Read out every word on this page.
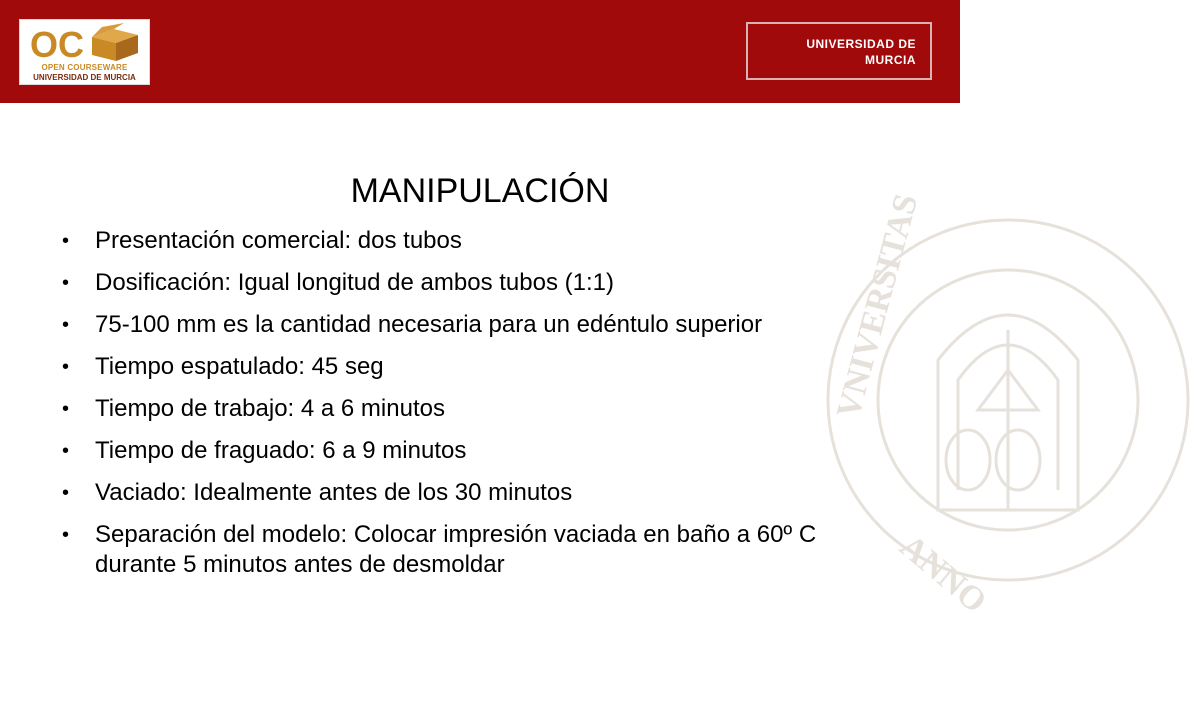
OC
OPEN COURSEWARE
UNIVERSIDAD DE MURCIA
UNIVERSIDAD DE
MURCIA
VNIVERSITAS
ANNO
MANIPULACIÓN
• Presentación comercial: dos tubos
• Dosificación: Igual longitud de ambos tubos (1:1)
• 75-100 mm es la cantidad necesaria para un edéntulo superior
• Tiempo espatulado: 45 seg
• Tiempo de trabajo: 4 a 6 minutos
• Tiempo de fraguado: 6 a 9 minutos
• Vaciado: Idealmente antes de los 30 minutos
• Separación del modelo: Colocar impresión vaciada en baño a 60º C durante 5 minutos antes de desmoldar
